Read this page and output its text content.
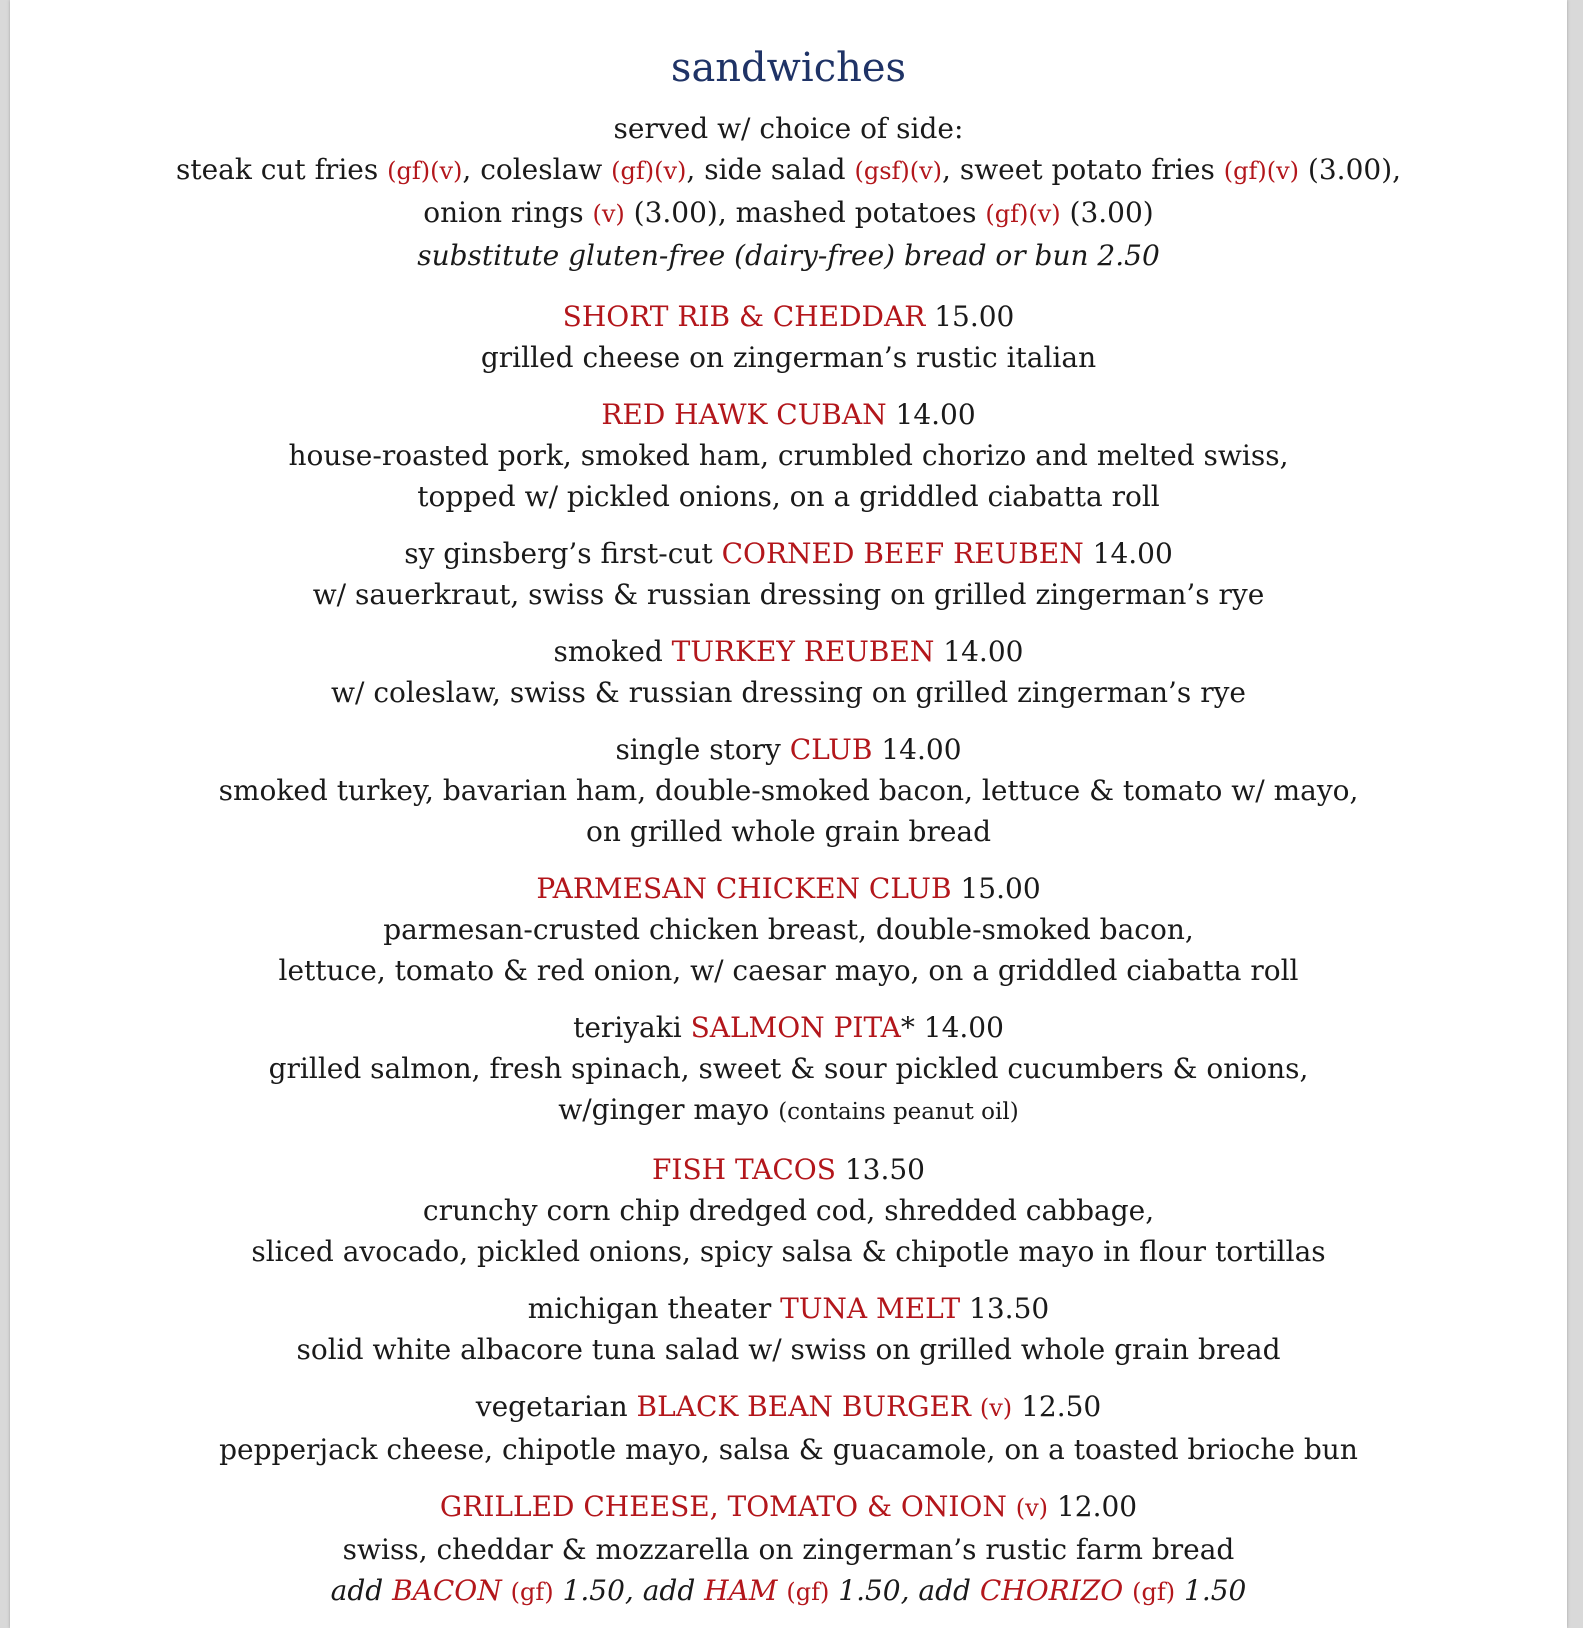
sandwiches
served w/ choice of side:
steak cut fries (gf)(v), coleslaw (gf)(v), side salad (gsf)(v), sweet potato fries (gf)(v) (3.00),
onion rings (v) (3.00), mashed potatoes (gf)(v) (3.00)
substitute gluten-free (dairy-free) bread or bun 2.50
SHORT RIB & CHEDDAR 15.00
grilled cheese on zingerman’s rustic italian
RED HAWK CUBAN 14.00
house-roasted pork, smoked ham, crumbled chorizo and melted swiss,
topped w/ pickled onions, on a griddled ciabatta roll
sy ginsberg’s first-cut CORNED BEEF REUBEN 14.00
w/ sauerkraut, swiss & russian dressing on grilled zingerman’s rye
smoked TURKEY REUBEN 14.00
w/ coleslaw, swiss & russian dressing on grilled zingerman’s rye
single story CLUB 14.00
smoked turkey, bavarian ham, double-smoked bacon, lettuce & tomato w/ mayo,
on grilled whole grain bread
PARMESAN CHICKEN CLUB 15.00
parmesan-crusted chicken breast, double-smoked bacon,
lettuce, tomato & red onion, w/ caesar mayo, on a griddled ciabatta roll
teriyaki SALMON PITA* 14.00
grilled salmon, fresh spinach, sweet & sour pickled cucumbers & onions,
w/ginger mayo (contains peanut oil)
FISH TACOS 13.50
crunchy corn chip dredged cod, shredded cabbage,
sliced avocado, pickled onions, spicy salsa & chipotle mayo in flour tortillas
michigan theater TUNA MELT 13.50
solid white albacore tuna salad w/ swiss on grilled whole grain bread
vegetarian BLACK BEAN BURGER (v) 12.50
pepperjack cheese, chipotle mayo, salsa & guacamole, on a toasted brioche bun
GRILLED CHEESE, TOMATO & ONION (v) 12.00
swiss, cheddar & mozzarella on zingerman’s rustic farm bread
add BACON (gf) 1.50, add HAM (gf) 1.50, add CHORIZO (gf) 1.50
